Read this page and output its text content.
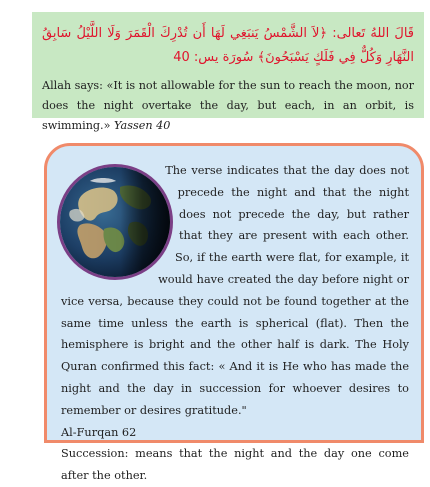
قَالَ اللهُ تَعالى: ﴿لاَ الشَّمْسُ يَنبَغِي لَهَا أَن تُدْرِكَ الْقَمَرَ وَلَا اللَّيْلُ سَابِقُ النَّهَارِ وَكُلٌّ فِي فَلَكٍ يَسْبَحُونَ﴾ سُورَة يس: 40

Allah says: «It is not allowable for the sun to reach the moon, nor does the night overtake the day, but each, in an orbit, is swimming.» Yassen 40

The verse indicates that the day does not precede the night and that the night does not precede the day, but rather that they are present with each other. So, if the earth were flat, for example, it would have created the day before night or vice versa, because they could not be found together at the same time unless the earth is spherical (flat). Then the hemisphere is bright and the other half is dark. The Holy Quran confirmed this fact: « And it is He who has made the night and the day in succession for whoever desires to remember or desires gratitude."

Al-Furqan 62
Succession: means that the night and the day one come after the other.
